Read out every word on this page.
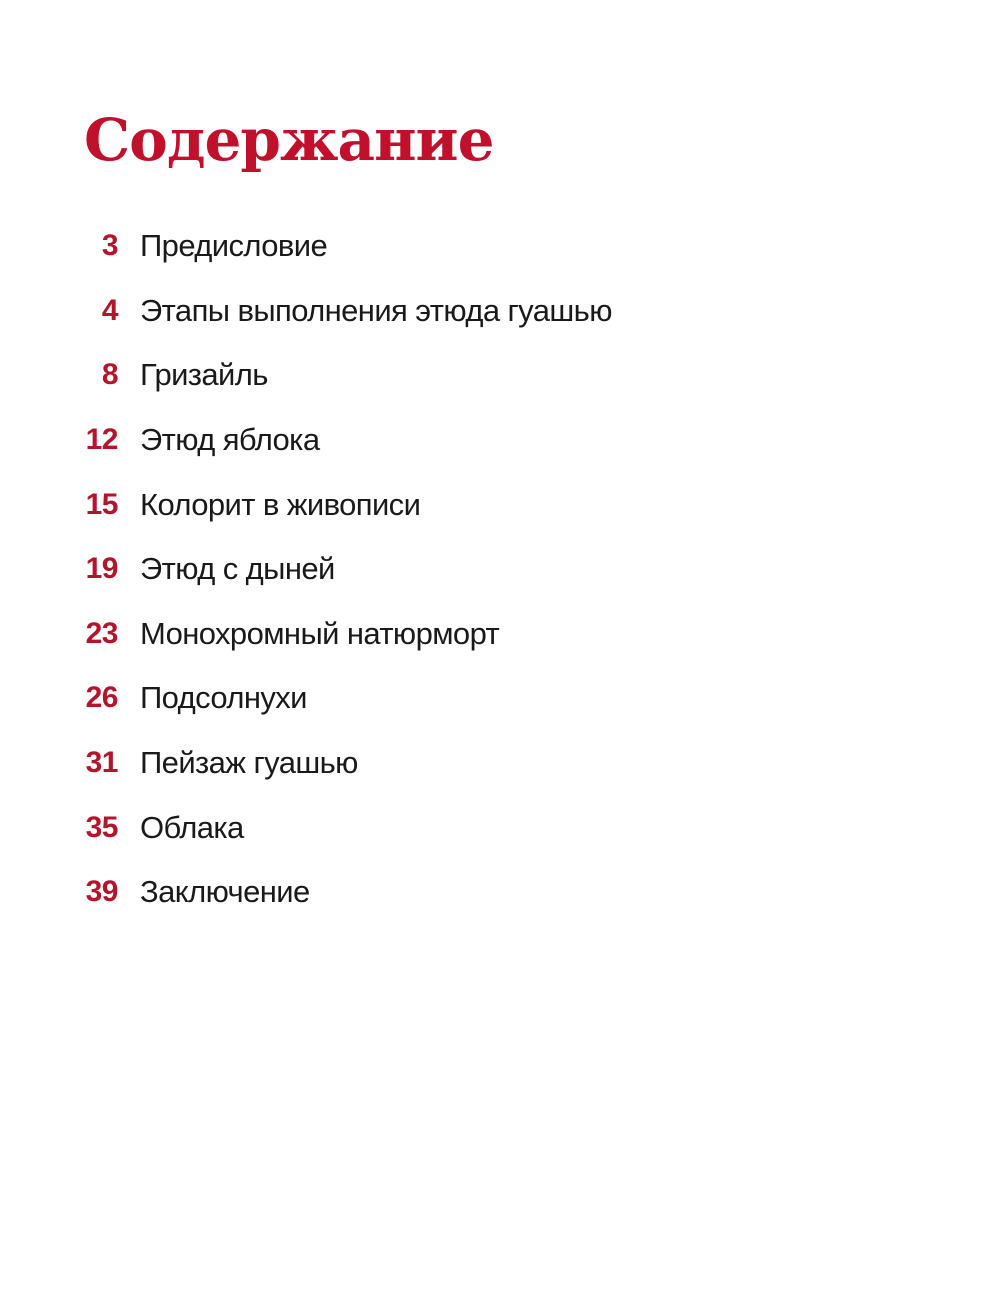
Содержание
3 Предисловие
4 Этапы выполнения этюда гуашью
8 Гризайль
12 Этюд яблока
15 Колорит в живописи
19 Этюд с дыней
23 Монохромный натюрморт
26 Подсолнухи
31 Пейзаж гуашью
35 Облака
39 Заключение
